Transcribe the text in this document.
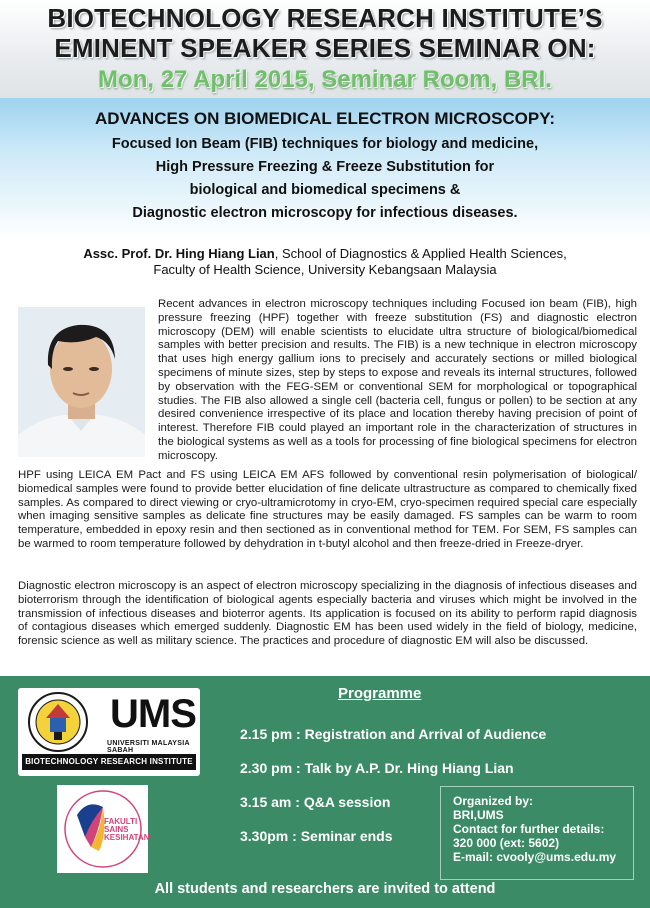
BIOTECHNOLOGY RESEARCH INSTITUTE’S
EMINENT SPEAKER SERIES SEMINAR ON:
Mon, 27 April 2015, Seminar Room, BRI.
ADVANCES ON BIOMEDICAL ELECTRON MICROSCOPY:
Focused Ion Beam (FIB) techniques for biology and medicine,
High Pressure Freezing & Freeze Substitution for
biological and biomedical specimens &
Diagnostic electron microscopy for infectious diseases.
Assc. Prof. Dr. Hing Hiang Lian, School of Diagnostics & Applied Health Sciences,
Faculty of Health Science, University Kebangsaan Malaysia

Recent advances in electron microscopy techniques including Focused ion beam (FIB), high pressure freezing (HPF) together with freeze substitution (FS) and diagnostic electron microscopy (DEM) will enable scientists to elucidate ultra structure of biological/biomedical samples with better precision and results. The FIB) is a new technique in electron microscopy that uses high energy gallium ions to precisely and accurately sections or milled biological specimens of minute sizes, step by steps to expose and reveals its internal structures, followed by observation with the FEG-SEM or conventional SEM for morphological or topographical studies. The FIB also allowed a single cell (bacteria cell, fungus or pollen) to be section at any desired convenience irrespective of its place and location thereby having precision of point of interest. Therefore FIB could played an important role in the characterization of structures in the biological systems as well as a tools for processing of fine biological specimens for electron microscopy.

HPF using LEICA EM Pact and FS using LEICA EM AFS followed by conventional resin polymerisation of biological/ biomedical samples were found to provide better elucidation of fine delicate ultrastructure as compared to chemically fixed samples. As compared to direct viewing or cryo-ultramicrotomy in cryo-EM, cryo-specimen required special care especially when imaging sensitive samples as delicate fine structures may be easily damaged. FS samples can be warm to room temperature, embedded in epoxy resin and then sectioned as in conventional method for TEM. For SEM, FS samples can be warmed to room temperature followed by dehydration in t-butyl alcohol and then freeze-dried in Freeze-dryer.

Diagnostic electron microscopy is an aspect of electron microscopy specializing in the diagnosis of infectious diseases and bioterrorism through the identification of biological agents especially bacteria and viruses which might be involved in the transmission of infectious diseases and bioterror agents. Its application is focused on its ability to perform rapid diagnosis of contagious diseases which emerged suddenly. Diagnostic EM has been used widely in the field of biology, medicine, forensic science as well as military science. The practices and procedure of diagnostic EM will also be discussed.

Programme
2.15 pm : Registration and Arrival of Audience
2.30 pm : Talk by A.P. Dr. Hing Hiang Lian
3.15 am : Q&A session
3.30pm : Seminar ends
UMS
UNIVERSITI MALAYSIA SABAH
BIOTECHNOLOGY RESEARCH INSTITUTE
FAKULTI
SAINS
KESIHATAN
Organized by:
BRI,UMS
Contact for further details:
320 000 (ext: 5602)
E-mail: cvooly@ums.edu.my
All students and researchers are invited to attend
